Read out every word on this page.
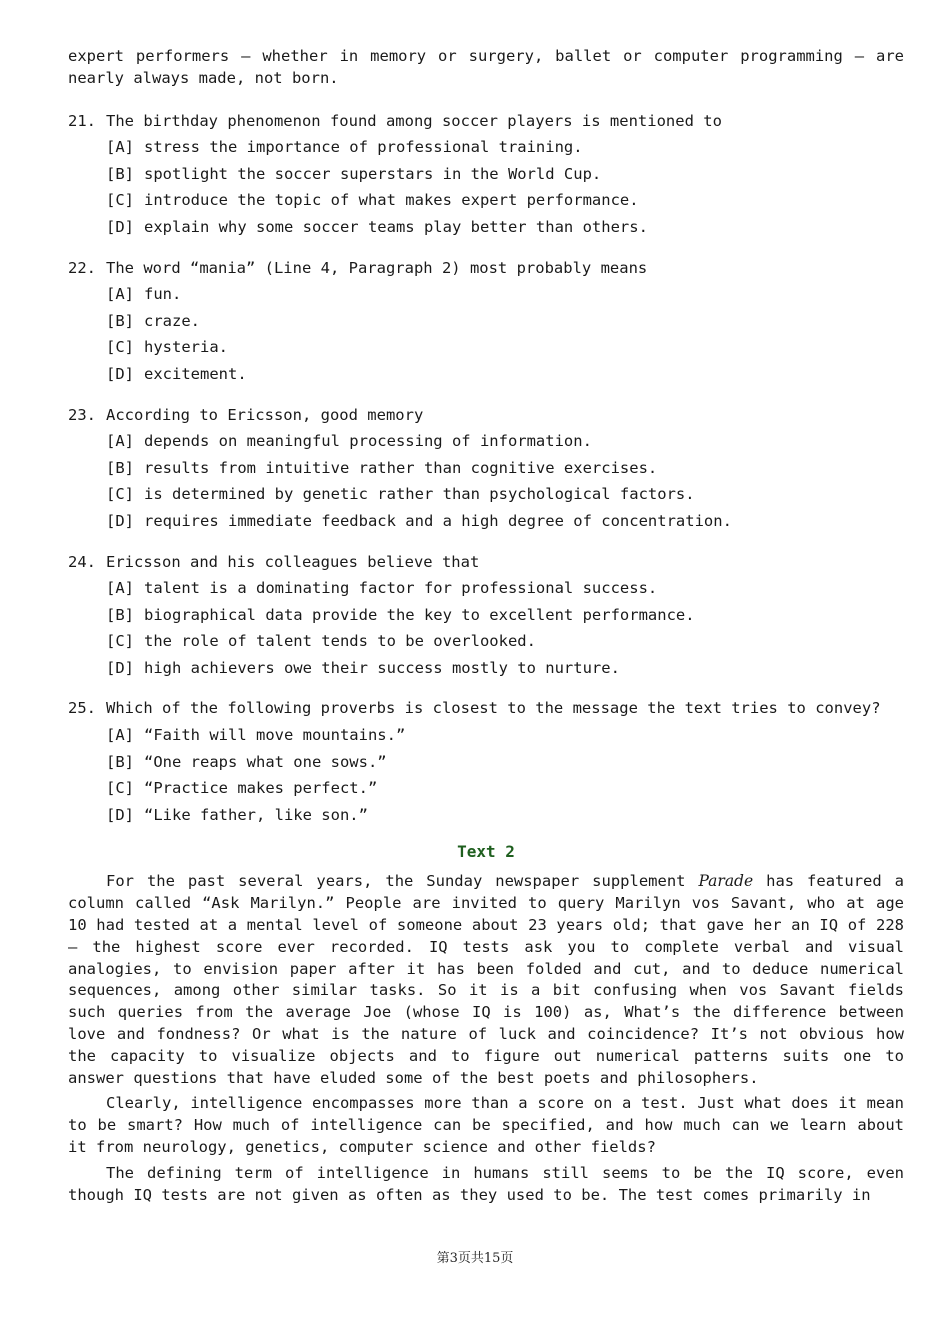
expert performers – whether in memory or surgery, ballet or computer programming – are nearly always made, not born.

21. The birthday phenomenon found among soccer players is mentioned to

[A] stress the importance of professional training.

[B] spotlight the soccer superstars in the World Cup.

[C] introduce the topic of what makes expert performance.

[D] explain why some soccer teams play better than others.

22. The word “mania” (Line 4, Paragraph 2) most probably means

[A] fun.

[B] craze.

[C] hysteria.

[D] excitement.

23. According to Ericsson, good memory

[A] depends on meaningful processing of information.

[B] results from intuitive rather than cognitive exercises.

[C] is determined by genetic rather than psychological factors.

[D] requires immediate feedback and a high degree of concentration.

24. Ericsson and his colleagues believe that

[A] talent is a dominating factor for professional success.

[B] biographical data provide the key to excellent performance.

[C] the role of talent tends to be overlooked.

[D] high achievers owe their success mostly to nurture.

25. Which of the following proverbs is closest to the message the text tries to convey?

[A] “Faith will move mountains.”

[B] “One reaps what one sows.”

[C] “Practice makes perfect.”

[D] “Like father, like son.”

Text 2

For the past several years, the Sunday newspaper supplement Parade has featured a column called “Ask Marilyn.” People are invited to query Marilyn vos Savant, who at age 10 had tested at a mental level of someone about 23 years old; that gave her an IQ of 228 – the highest score ever recorded. IQ tests ask you to complete verbal and visual analogies, to envision paper after it has been folded and cut, and to deduce numerical sequences, among other similar tasks. So it is a bit confusing when vos Savant fields such queries from the average Joe (whose IQ is 100) as, What’s the difference between love and fondness? Or what is the nature of luck and coincidence? It’s not obvious how the capacity to visualize objects and to figure out numerical patterns suits one to answer questions that have eluded some of the best poets and philosophers.

Clearly, intelligence encompasses more than a score on a test. Just what does it mean to be smart? How much of intelligence can be specified, and how much can we learn about it from neurology, genetics, computer science and other fields?

The defining term of intelligence in humans still seems to be the IQ score, even though IQ tests are not given as often as they used to be. The test comes primarily in

第3页共15页
